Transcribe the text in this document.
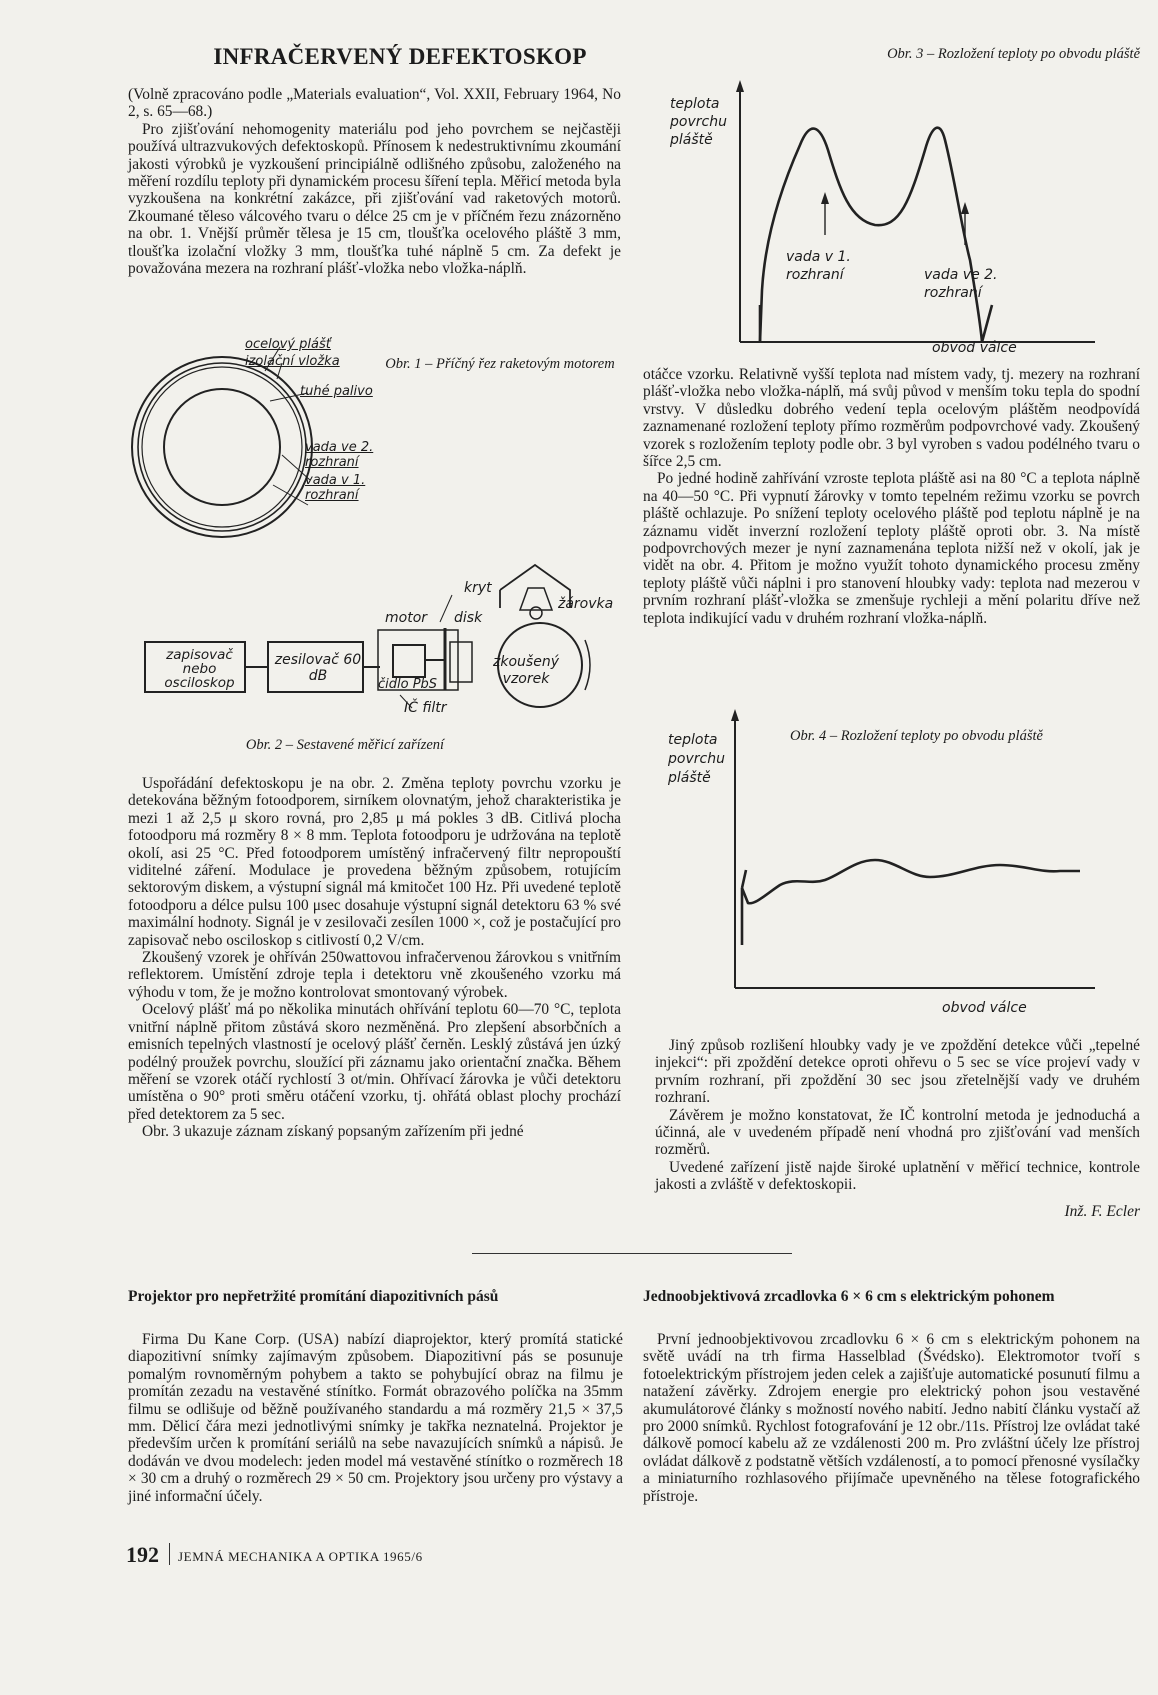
INFRAČERVENÝ DEFEKTOSKOP

(Volně zpracováno podle „Materials evaluation“, Vol. XXII, February 1964, No 2, s. 65—68.)

Pro zjišťování nehomogenity materiálu pod jeho povrchem se nejčastěji používá ultrazvukových defektoskopů. Přínosem k nedestruktivnímu zkoumání jakosti výrobků je vyzkoušení principiálně odlišného způsobu, založeného na měření rozdílu teploty při dynamickém procesu šíření tepla. Měřicí metoda byla vyzkoušena na konkrétní zakázce, při zjišťování vad raketových motorů. Zkoumané těleso válcového tvaru o délce 25 cm je v příčném řezu znázorněno na obr. 1. Vnější průměr tělesa je 15 cm, tloušťka ocelového pláště 3 mm, tloušťka izolační vložky 3 mm, tloušťka tuhé náplně 5 cm. Za defekt je považována mezera na rozhraní plášť-vložka nebo vložka-náplň.

ocelový plášť
izolační vložka
tuhé palivo
vada ve 2. rozhraní
vada v 1. rozhraní
Obr. 1 – Příčný řez raketovým motorem
zapisovač nebo osciloskop
zesilovač 60 dB
motor disk
kryt
žárovka
čidlo PbS
IČ filtr
zkoušený vzorek
Obr. 2 – Sestavené měřicí zařízení

Uspořádání defektoskopu je na obr. 2. Změna teploty povrchu vzorku je detekována běžným fotoodporem, sirníkem olovnatým, jehož charakteristika je mezi 1 až 2,5 μ skoro rovná, pro 2,85 μ má pokles 3 dB. Citlivá plocha fotoodporu má rozměry 8 × 8 mm. Teplota fotoodporu je udržována na teplotě okolí, asi 25 °C. Před fotoodporem umístěný infračervený filtr nepropouští viditelné záření. Modulace je provedena běžným způsobem, rotujícím sektorovým diskem, a výstupní signál má kmitočet 100 Hz. Při uvedené teplotě fotoodporu a délce pulsu 100 μsec dosahuje výstupní signál detektoru 63 % své maximální hodnoty. Signál je v zesilovači zesílen 1000 ×, což je postačující pro zapisovač nebo osciloskop s citlivostí 0,2 V/cm.

Zkoušený vzorek je ohříván 250wattovou infračervenou žárovkou s vnitřním reflektorem. Umístění zdroje tepla i detektoru vně zkoušeného vzorku má výhodu v tom, že je možno kontrolovat smontovaný výrobek.

Ocelový plášť má po několika minutách ohřívání teplotu 60—70 °C, teplota vnitřní náplně přitom zůstává skoro nezměněná. Pro zlepšení absorbčních a emisních tepelných vlastností je ocelový plášť černěn. Lesklý zůstává jen úzký podélný proužek povrchu, sloužící při záznamu jako orientační značka. Během měření se vzorek otáčí rychlostí 3 ot/min. Ohřívací žárovka je vůči detektoru umístěna o 90° proti směru otáčení vzorku, tj. ohřátá oblast plochy prochází před detektorem za 5 sec.

Obr. 3 ukazuje záznam získaný popsaným zařízením při jedné

Obr. 3 – Rozložení teploty po obvodu pláště
teplota povrchu pláště
vada v 1. rozhraní	vada ve 2. rozhraní
obvod válce

otáčce vzorku. Relativně vyšší teplota nad místem vady, tj. mezery na rozhraní plášť-vložka nebo vložka-náplň, má svůj původ v menším toku tepla do spodní vrstvy. V důsledku dobrého vedení tepla ocelovým pláštěm neodpovídá zaznamenané rozložení teploty přímo rozměrům podpovrchové vady. Zkoušený vzorek s rozložením teploty podle obr. 3 byl vyroben s vadou podélného tvaru o šířce 2,5 cm.

Po jedné hodině zahřívání vzroste teplota pláště asi na 80 °C a teplota náplně na 40—50 °C. Při vypnutí žárovky v tomto tepelném režimu vzorku se povrch pláště ochlazuje. Po snížení teploty ocelového pláště pod teplotu náplně je na záznamu vidět inverzní rozložení teploty pláště oproti obr. 3. Na místě podpovrchových mezer je nyní zaznamenána teplota nižší než v okolí, jak je vidět na obr. 4. Přitom je možno využít tohoto dynamického procesu změny teploty pláště vůči náplni i pro stanovení hloubky vady: teplota nad mezerou v prvním rozhraní plášť-vložka se zmenšuje rychleji a mění polaritu dříve než teplota indikující vadu v druhém rozhraní vložka-náplň.

Obr. 4 – Rozložení teploty po obvodu pláště
teplota povrchu pláště
obvod válce

Jiný způsob rozlišení hloubky vady je ve zpoždění detekce vůči „tepelné injekci“: při zpoždění detekce oproti ohřevu o 5 sec se více projeví vady v prvním rozhraní, při zpoždění 30 sec jsou zřetelnější vady ve druhém rozhraní.

Závěrem je možno konstatovat, že IČ kontrolní metoda je jednoduchá a účinná, ale v uvedeném případě není vhodná pro zjišťování vad menších rozměrů.

Uvedené zařízení jistě najde široké uplatnění v měřicí technice, kontrole jakosti a zvláště v defektoskopii.

Inž. F. Ecler
Projektor pro nepřetržité promítání diapozitivních pásů

Firma Du Kane Corp. (USA) nabízí diaprojektor, který promítá statické diapozitivní snímky zajímavým způsobem. Diapozitivní pás se posunuje pomalým rovnoměrným pohybem a takto se pohybující obraz na filmu je promítán zezadu na vestavěné stínítko. Formát obrazového políčka na 35mm filmu se odlišuje od běžně používaného standardu a má rozměry 21,5 × 37,5 mm. Dělicí čára mezi jednotlivými snímky je takřka neznatelná. Projektor je především určen k promítání seriálů na sebe navazujících snímků a nápisů. Je dodáván ve dvou modelech: jeden model má vestavěné stínítko o rozměrech 18 × 30 cm a druhý o rozměrech 29 × 50 cm. Projektory jsou určeny pro výstavy a jiné informační účely.

Jednoobjektivová zrcadlovka 6 × 6 cm s elektrickým pohonem

První jednoobjektivovou zrcadlovku 6 × 6 cm s elektrickým pohonem na světě uvádí na trh firma Hasselblad (Švédsko). Elektromotor tvoří s fotoelektrickým přístrojem jeden celek a zajišťuje automatické posunutí filmu a natažení závěrky. Zdrojem energie pro elektrický pohon jsou vestavěné akumulátorové články s možností nového nabití. Jedno nabití článku vystačí až pro 2000 snímků. Rychlost fotografování je 12 obr./11s. Přístroj lze ovládat také dálkově pomocí kabelu až ze vzdálenosti 200 m. Pro zvláštní účely lze přístroj ovládat dálkově z podstatně větších vzdáleností, a to pomocí přenosné vysílačky a miniaturního rozhlasového přijímače upevněného na tělese fotografického přístroje.

192 JEMNÁ MECHANIKA A OPTIKA 1965/6
